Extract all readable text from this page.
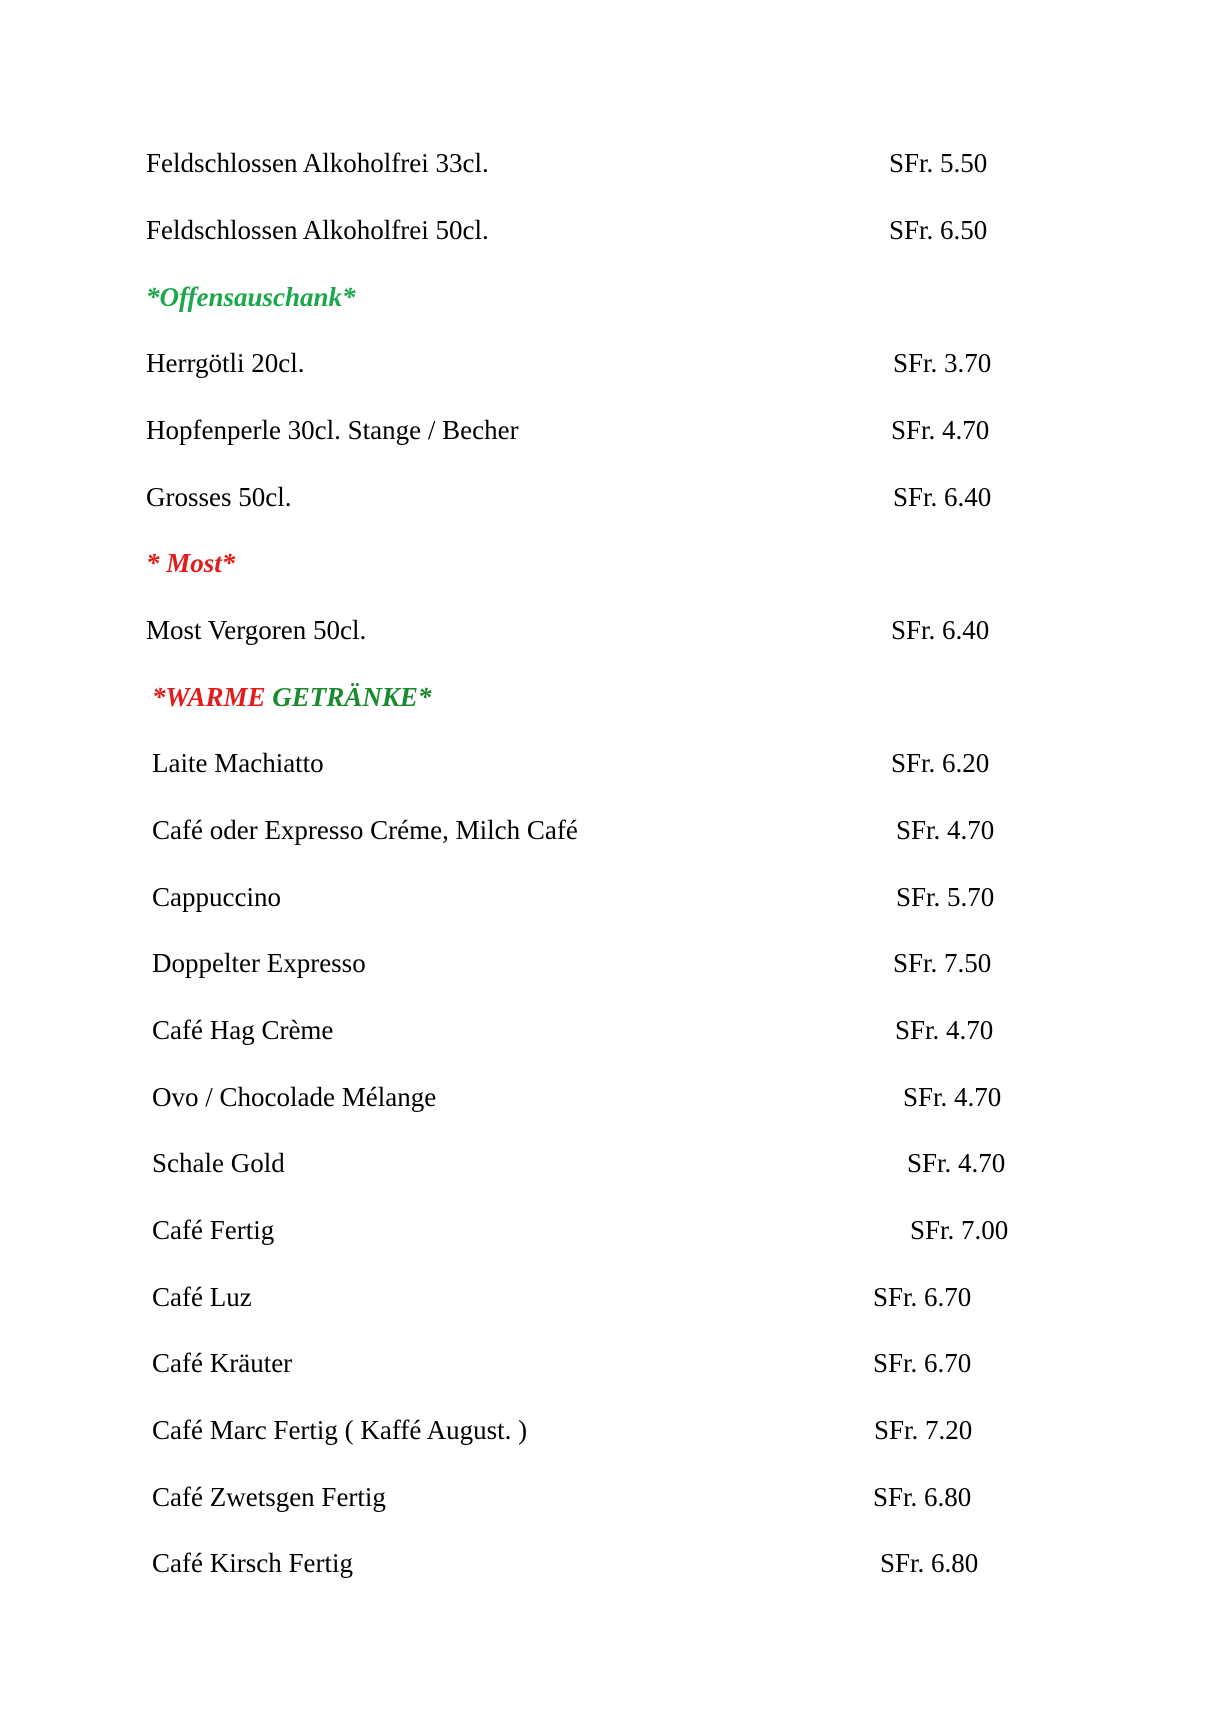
Feldschlossen Alkoholfrei 33cl.	SFr. 5.50
Feldschlossen Alkoholfrei 50cl.	SFr. 6.50
*Offensauschank*
Herrgötli 20cl.	SFr. 3.70
Hopfenperle 30cl. Stange / Becher	SFr. 4.70
Grosses 50cl.	SFr. 6.40
* Most*
Most Vergoren 50cl.	SFr. 6.40
*WARME GETRÄNKE*
Laite Machiatto	SFr. 6.20
Café oder Expresso Créme, Milch Café	SFr. 4.70
Cappuccino	SFr. 5.70
Doppelter Expresso	SFr. 7.50
Café Hag Crème	SFr. 4.70
Ovo / Chocolade Mélange	SFr. 4.70
Schale Gold	SFr. 4.70
Café Fertig	SFr. 7.00
Café Luz	SFr. 6.70
Café Kräuter	SFr. 6.70
Café Marc Fertig ( Kaffé August. )	SFr. 7.20
Café Zwetsgen Fertig	SFr. 6.80
Café Kirsch Fertig	SFr. 6.80
